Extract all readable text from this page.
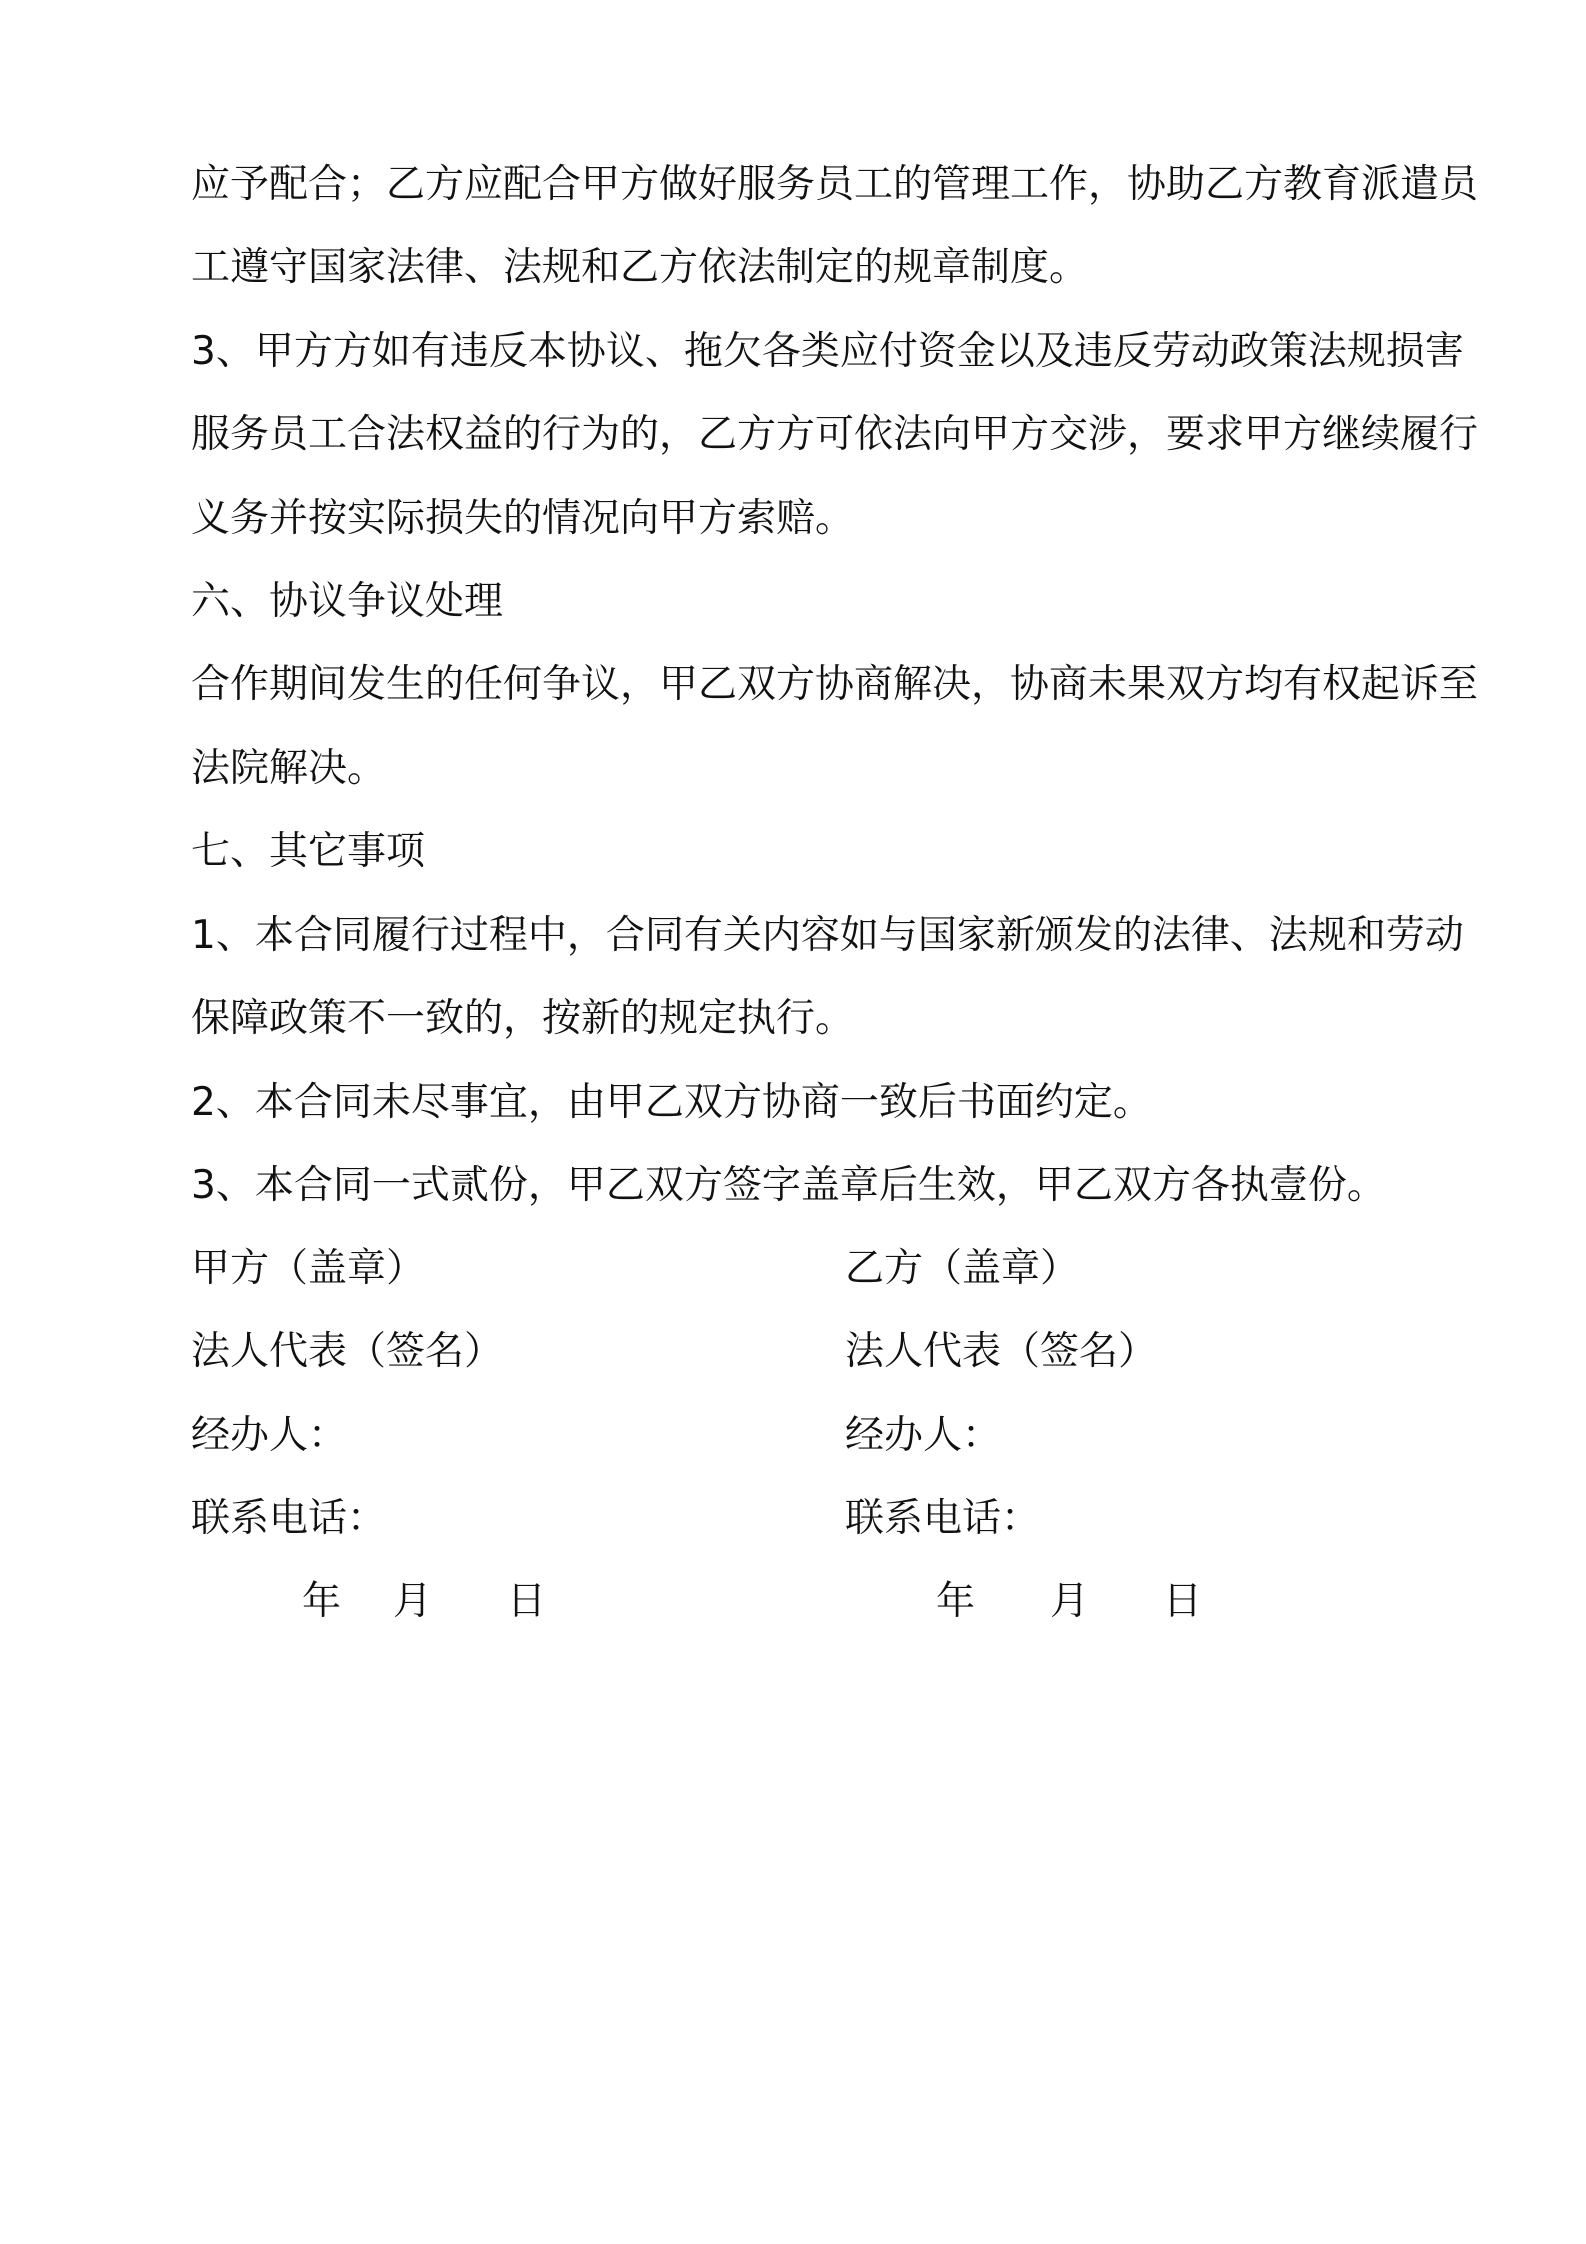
应予配合；乙方应配合甲方做好服务员工的管理工作，协助乙方教育派遣员
工遵守国家法律、法规和乙方依法制定的规章制度。
3、甲方方如有违反本协议、拖欠各类应付资金以及违反劳动政策法规损害
服务员工合法权益的行为的，乙方方可依法向甲方交涉，要求甲方继续履行
义务并按实际损失的情况向甲方索赔。
六、协议争议处理
合作期间发生的任何争议，甲乙双方协商解决，协商未果双方均有权起诉至
法院解决。
七、其它事项
1、本合同履行过程中，合同有关内容如与国家新颁发的法律、法规和劳动
保障政策不一致的，按新的规定执行。
2、本合同未尽事宜，由甲乙双方协商一致后书面约定。
3、本合同一式贰份，甲乙双方签字盖章后生效，甲乙双方各执壹份。
甲方（盖章）	乙方（盖章）
法人代表（签名）	法人代表（签名）
经办人：	经办人：
联系电话：	联系电话：
年 月 日	年 月 日
